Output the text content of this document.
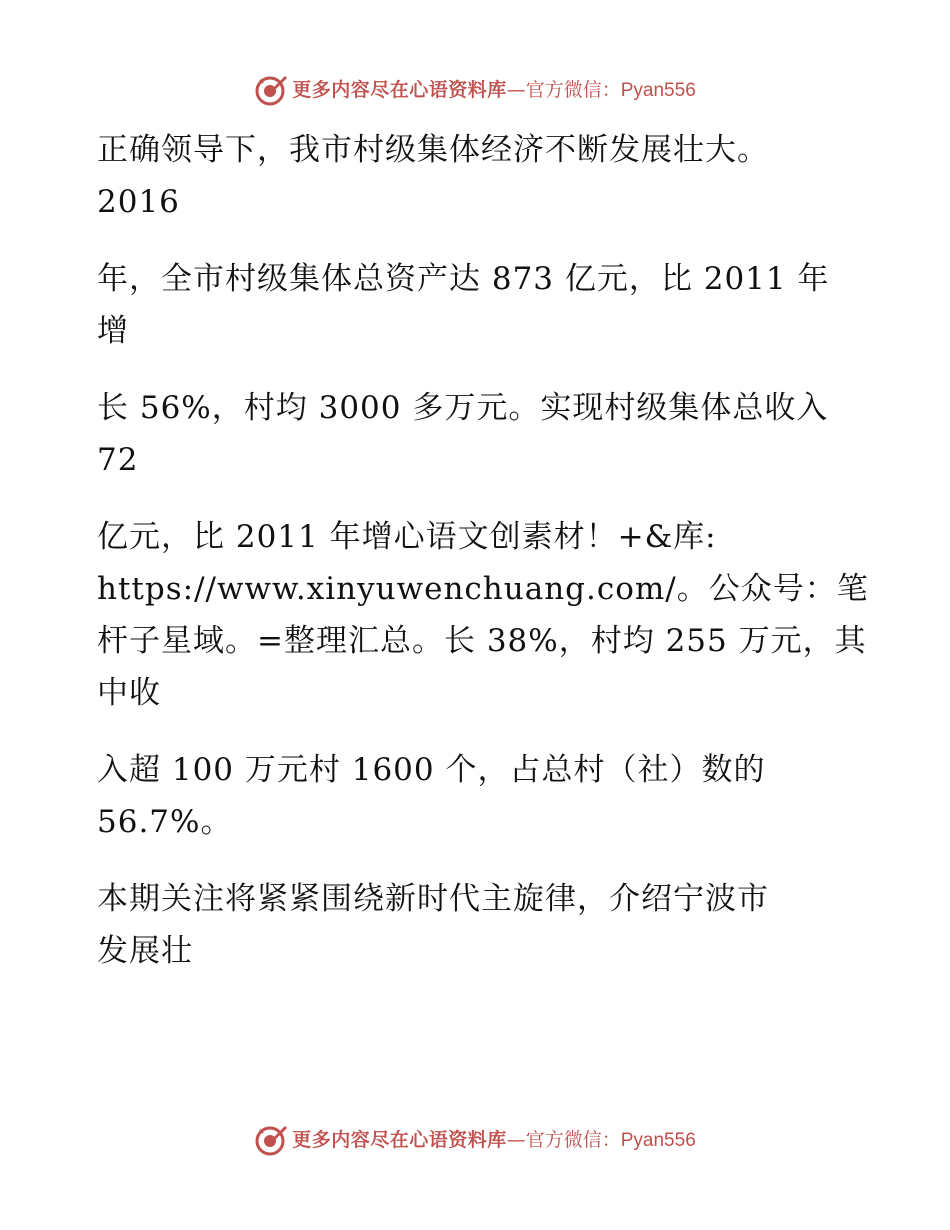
更多内容尽在心语资料库—官方微信：Pyan556
正确领导下，我市村级集体经济不断发展壮大。
2016
年，全市村级集体总资产达 873 亿元，比 2011 年
增
长 56%，村均 3000 多万元。实现村级集体总收入
72
亿元，比 2011 年增心语文创素材！+&库:
https://www.xinyuwenchuang.com/。公众号：笔
杆子星域。=整理汇总。长 38%，村均 255 万元，其
中收
入超 100 万元村 1600 个，占总村（社）数的
56.7%。
本期关注将紧紧围绕新时代主旋律，介绍宁波市
发展壮
更多内容尽在心语资料库—官方微信：Pyan556
